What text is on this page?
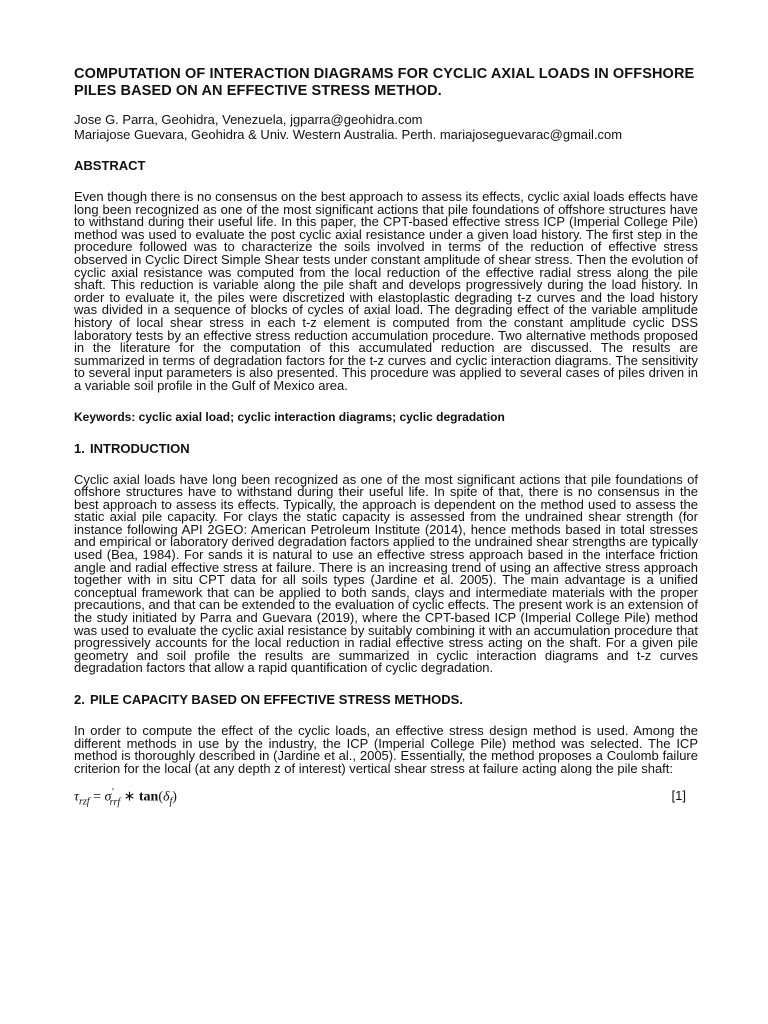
COMPUTATION OF INTERACTION DIAGRAMS FOR CYCLIC AXIAL LOADS IN OFFSHORE PILES BASED ON AN EFFECTIVE STRESS METHOD.

Jose G. Parra, Geohidra, Venezuela, jgparra@geohidra.com

Mariajose Guevara, Geohidra & Univ. Western Australia. Perth. mariajoseguevarac@gmail.com

ABSTRACT

Even though there is no consensus on the best approach to assess its effects, cyclic axial loads effects have long been recognized as one of the most significant actions that pile foundations of offshore structures have to withstand during their useful life. In this paper, the CPT-based effective stress ICP (Imperial College Pile) method was used to evaluate the post cyclic axial resistance under a given load history. The first step in the procedure followed was to characterize the soils involved in terms of the reduction of effective stress observed in Cyclic Direct Simple Shear tests under constant amplitude of shear stress. Then the evolution of cyclic axial resistance was computed from the local reduction of the effective radial stress along the pile shaft. This reduction is variable along the pile shaft and develops progressively during the load history. In order to evaluate it, the piles were discretized with elastoplastic degrading t-z curves and the load history was divided in a sequence of blocks of cycles of axial load. The degrading effect of the variable amplitude history of local shear stress in each t-z element is computed from the constant amplitude cyclic DSS laboratory tests by an effective stress reduction accumulation procedure. Two alternative methods proposed in the literature for the computation of this accumulated reduction are discussed. The results are summarized in terms of degradation factors for the t-z curves and cyclic interaction diagrams. The sensitivity to several input parameters is also presented. This procedure was applied to several cases of piles driven in a variable soil profile in the Gulf of Mexico area.

Keywords: cyclic axial load; cyclic interaction diagrams; cyclic degradation

1. INTRODUCTION

Cyclic axial loads have long been recognized as one of the most significant actions that pile foundations of offshore structures have to withstand during their useful life. In spite of that, there is no consensus in the best approach to assess its effects. Typically, the approach is dependent on the method used to assess the static axial pile capacity. For clays the static capacity is assessed from the undrained shear strength (for instance following API 2GEO: American Petroleum Institute (2014), hence methods based in total stresses and empirical or laboratory derived degradation factors applied to the undrained shear strengths are typically used (Bea, 1984). For sands it is natural to use an effective stress approach based in the interface friction angle and radial effective stress at failure. There is an increasing trend of using an affective stress approach together with in situ CPT data for all soils types (Jardine et al. 2005). The main advantage is a unified conceptual framework that can be applied to both sands, clays and intermediate materials with the proper precautions, and that can be extended to the evaluation of cyclic effects. The present work is an extension of the study initiated by Parra and Guevara (2019), where the CPT-based ICP (Imperial College Pile) method was used to evaluate the cyclic axial resistance by suitably combining it with an accumulation procedure that progressively accounts for the local reduction in radial effective stress acting on the shaft. For a given pile geometry and soil profile the results are summarized in cyclic interaction diagrams and t-z curves degradation factors that allow a rapid quantification of cyclic degradation.

2. PILE CAPACITY BASED ON EFFECTIVE STRESS METHODS.

In order to compute the effect of the cyclic loads, an effective stress design method is used. Among the different methods in use by the industry, the ICP (Imperial College Pile) method was selected. The ICP method is thoroughly described in (Jardine et al., 2005). Essentially, the method proposes a Coulomb failure criterion for the local (at any depth z of interest) vertical shear stress at failure acting along the pile shaft:

$\tau_{rzf} = \sigma'_{rrf}$ ∗ $\tan(\delta_f)$	[1]
